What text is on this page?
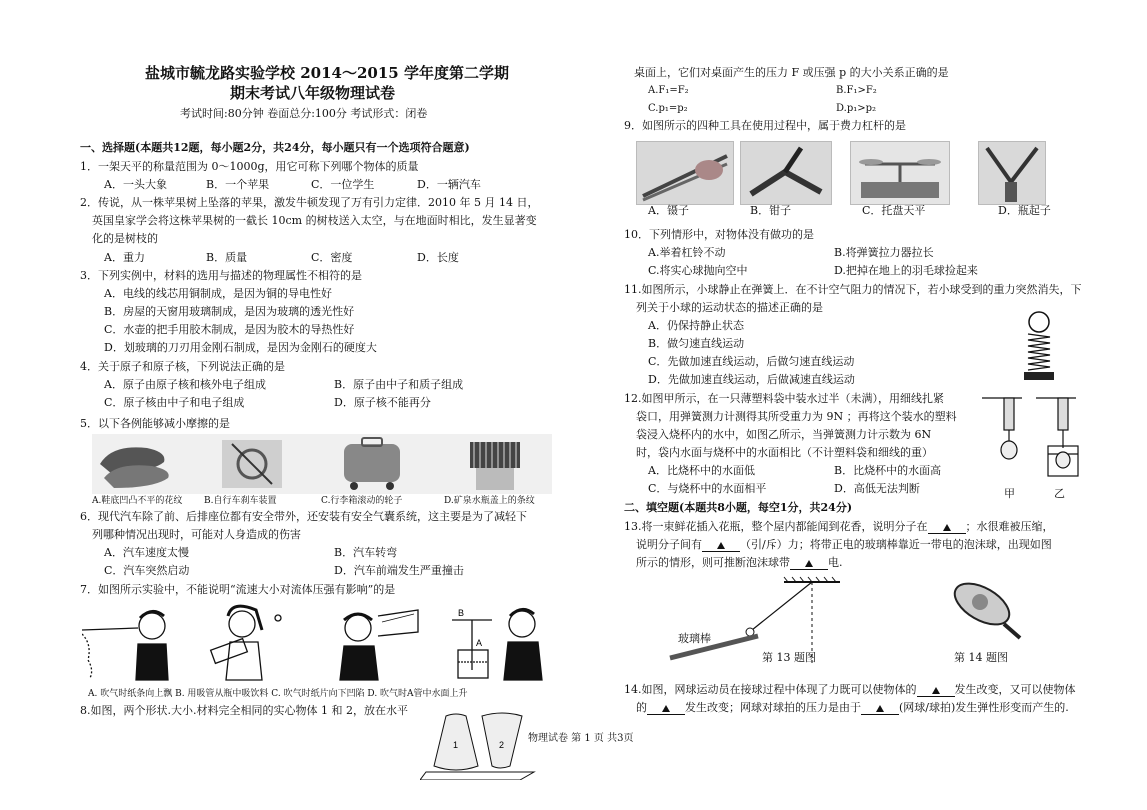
盐城市毓龙路实验学校 2014～2015 学年度第二学期
期末考试八年级物理试卷
考试时间:80分钟 卷面总分:100分 考试形式：闭卷
一、选择题(本题共12题，每小题2分，共24分，每小题只有一个选项符合题意)
1．一架天平的称量范围为 0～1000g，用它可称下列哪个物体的质量
A．一头大象	B．一个苹果	C．一位学生	D．一辆汽车
2．传说，从一株苹果树上坠落的苹果，激发牛顿发现了万有引力定律．2010 年 5 月 14 日，
英国皇家学会将这株苹果树的一截长 10cm 的树枝送入太空，与在地面时相比，发生显著变
化的是树枝的
A．重力	B．质量	C．密度	D．长度
3．下列实例中，材料的选用与描述的物理属性不相符的是
A．电线的线芯用铜制成，是因为铜的导电性好
B．房屋的天窗用玻璃制成，是因为玻璃的透光性好
C．水壶的把手用胶木制成，是因为胶木的导热性好
D．划玻璃的刀刃用金刚石制成，是因为金刚石的硬度大
4．关于原子和原子核，下列说法正确的是
A．原子由原子核和核外电子组成	B．原子由中子和质子组成
C．原子核由中子和电子组成	D．原子核不能再分
5．以下各例能够减小摩擦的是
A.鞋底凹凸不平的花纹 B.自行车刹车装置	C.行李箱滚动的轮子	D.矿泉水瓶盖上的条纹
6．现代汽车除了前、后排座位都有安全带外，还安装有安全气囊系统，这主要是为了减轻下
列哪种情况出现时，可能对人身造成的伤害
A．汽车速度太慢	B．汽车转弯
C．汽车突然启动	D．汽车前端发生严重撞击
7．如图所示实验中，不能说明“流速大小对流体压强有影响”的是
B
A
A. 吹气时纸条向上飘 B. 用吸管从瓶中吸饮料 C. 吹气时纸片向下凹陷 D. 吹气时A管中水面上升
8.如图，两个形状.大小.材料完全相同的实心物体 1 和 2，放在水平
1	2
物理试卷 第 1 页 共3页
桌面上，它们对桌面产生的压力 F 或压强 p 的大小关系正确的是
A.F₁=F₂	B.F₁>F₂
C.p₁=p₂	D.p₁>p₂
9．如图所示的四种工具在使用过程中，属于费力杠杆的是
A．镊子	B．钳子	C．托盘天平	D．瓶起子
10．下列情形中，对物体没有做功的是
A.举着杠铃不动	B.将弹簧拉力器拉长
C.将实心球抛向空中	D.把掉在地上的羽毛球捡起来
11.如图所示，小球静止在弹簧上．在不计空气阻力的情况下，若小球受到的重力突然消失，下
列关于小球的运动状态的描述正确的是
A．仍保持静止状态
B．做匀速直线运动
C．先做加速直线运动，后做匀速直线运动
D．先做加速直线运动，后做减速直线运动
12.如图甲所示，在一只薄塑料袋中装水过半（未满），用细线扎紧
袋口，用弹簧测力计测得其所受重力为 9N ；再将这个装水的塑料
袋浸入烧杯内的水中，如图乙所示，当弹簧测力计示数为 6N
时，袋内水面与烧杯中的水面相比（不计塑料袋和细线的重）
A．比烧杯中的水面低	B．比烧杯中的水面高
C．与烧杯中的水面相平	D．高低无法判断	甲	乙
二、填空题(本题共8小题，每空1分，共24分)
13.将一束鲜花插入花瓶，整个屋内都能闻到花香，说明分子在	；水很难被压缩，
说明分子间有	（引/斥）力；将带正电的玻璃棒靠近一带电的泡沫球，出现如图
所示的情形，则可推断泡沫球带	电.
玻璃棒
第 13 题图	第 14 题图
14.如图，网球运动员在接球过程中体现了力既可以使物体的	发生改变，又可以使物体
的	发生改变；网球对球拍的压力是由于	(网球/球拍)发生弹性形变而产生的.
